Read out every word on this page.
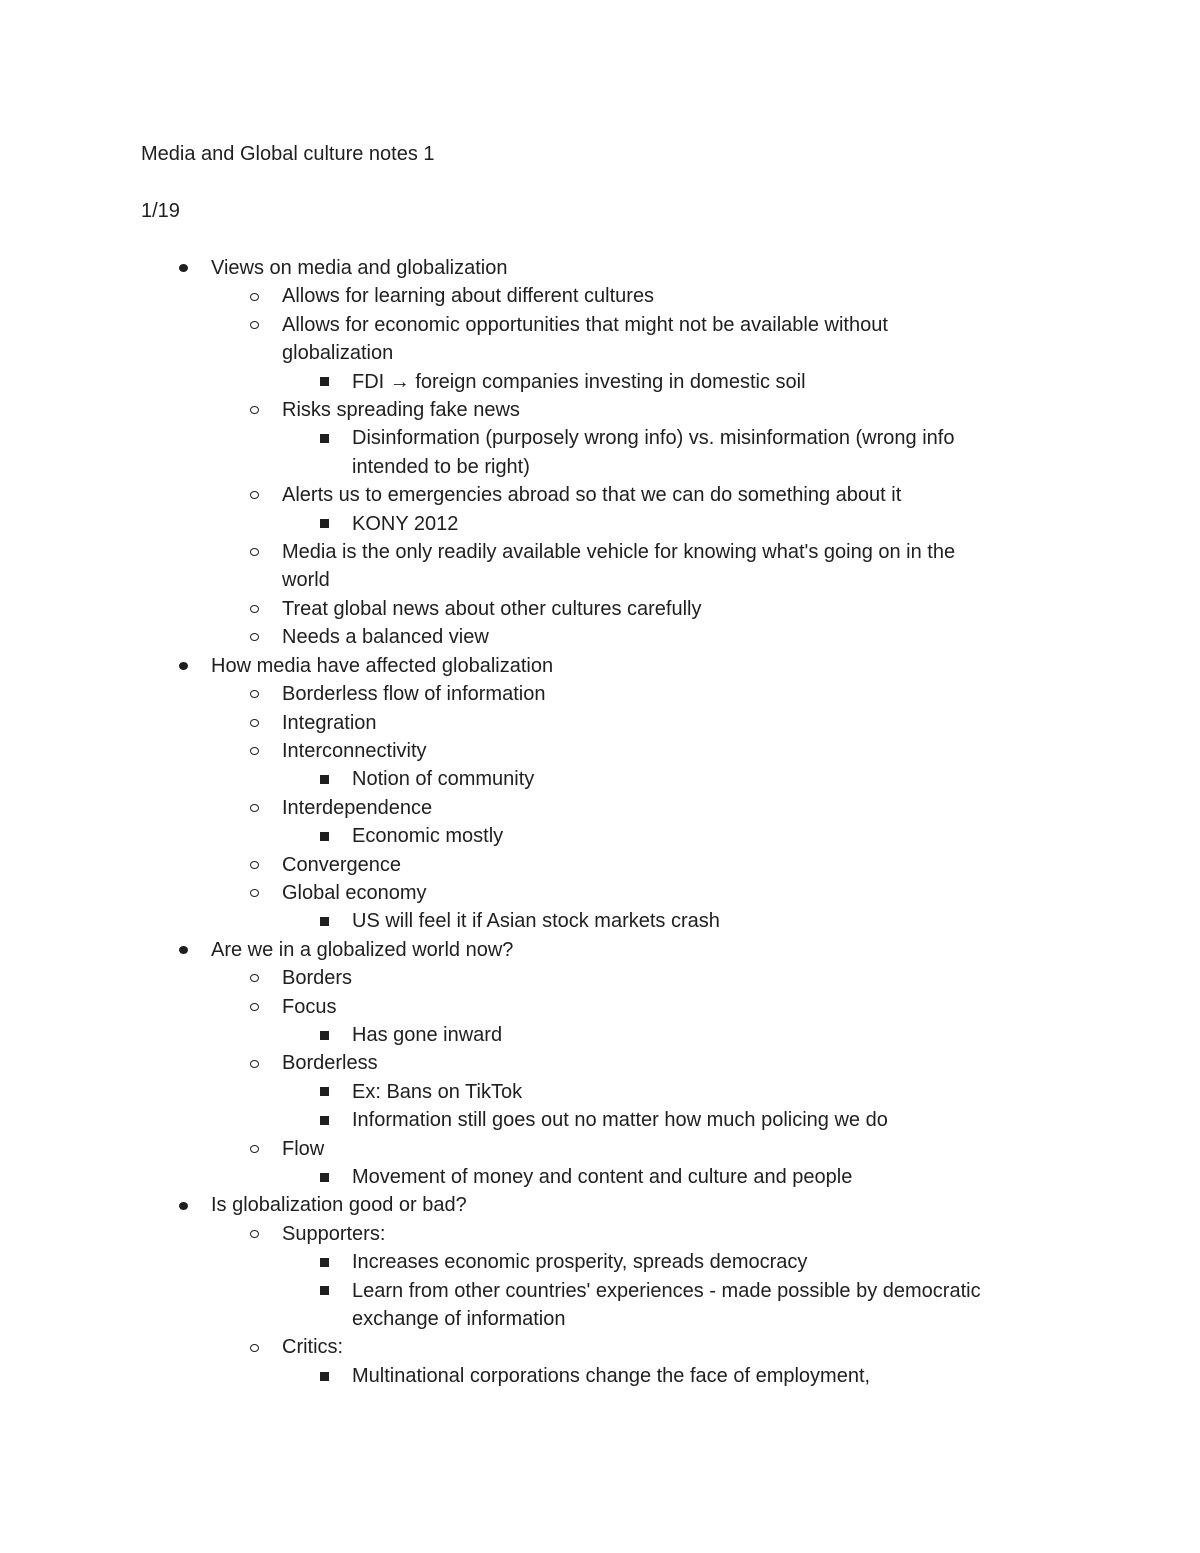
Media and Global culture notes 1
1/19
Views on media and globalization
Allows for learning about different cultures
Allows for economic opportunities that might not be available without
globalization
FDI → foreign companies investing in domestic soil
Risks spreading fake news
Disinformation (purposely wrong info) vs. misinformation (wrong info
intended to be right)
Alerts us to emergencies abroad so that we can do something about it
KONY 2012
Media is the only readily available vehicle for knowing what's going on in the
world
Treat global news about other cultures carefully
Needs a balanced view
How media have affected globalization
Borderless flow of information
Integration
Interconnectivity
Notion of community
Interdependence
Economic mostly
Convergence
Global economy
US will feel it if Asian stock markets crash
Are we in a globalized world now?
Borders
Focus
Has gone inward
Borderless
Ex: Bans on TikTok
Information still goes out no matter how much policing we do
Flow
Movement of money and content and culture and people
Is globalization good or bad?
Supporters:
Increases economic prosperity, spreads democracy
Learn from other countries' experiences - made possible by democratic
exchange of information
Critics:
Multinational corporations change the face of employment,
